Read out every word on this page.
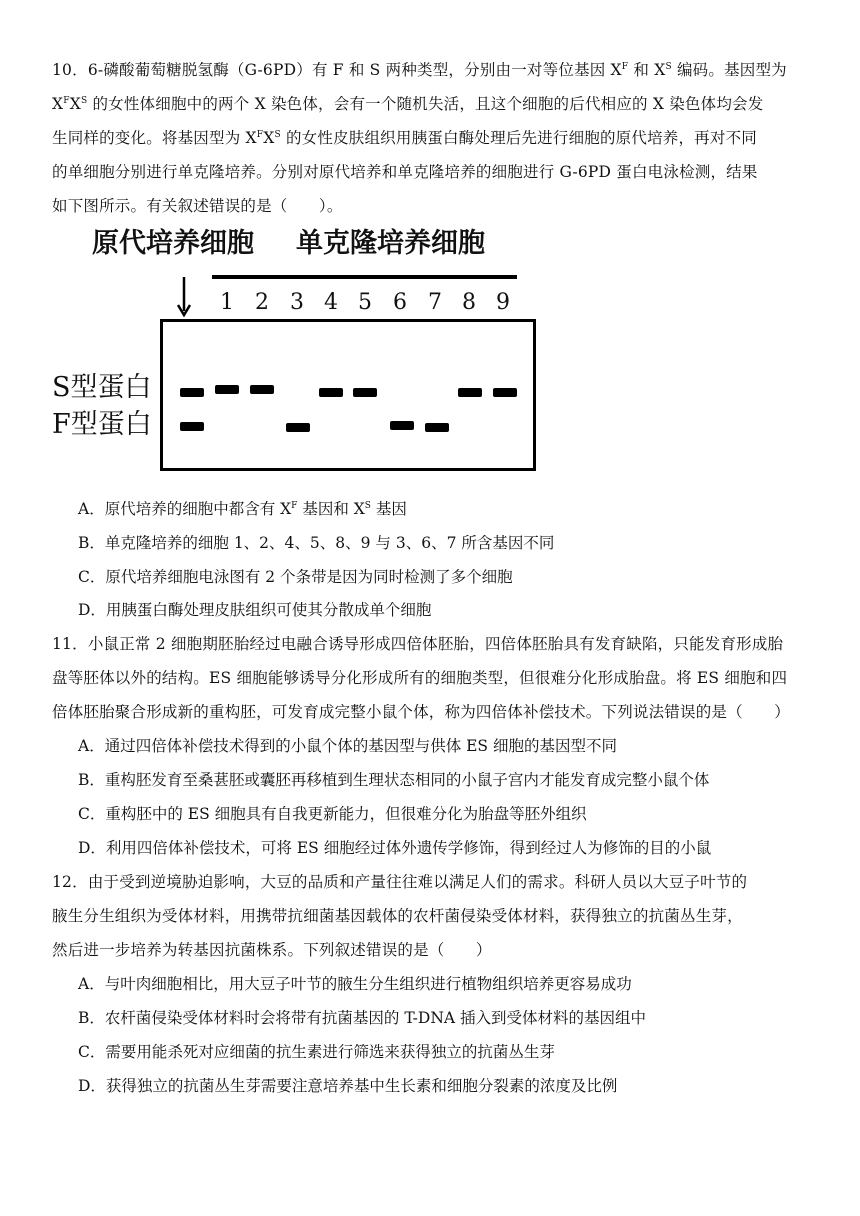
10．6-磷酸葡萄糖脱氢酶（G-6PD）有 F 和 S 两种类型，分别由一对等位基因 $X^F$ 和 $X^S$ 编码。基因型为
$X^FX^S$ 的女性体细胞中的两个 X 染色体，会有一个随机失活，且这个细胞的后代相应的 X 染色体均会发
生同样的变化。将基因型为 $X^FX^S$ 的女性皮肤组织用胰蛋白酶处理后先进行细胞的原代培养，再对不同
的单细胞分别进行单克隆培养。分别对原代培养和单克隆培养的细胞进行 G-6PD 蛋白电泳检测，结果
如下图所示。有关叙述错误的是（　　）。
原代培养细胞 单克隆培养细胞
1 2 3 4 5 6 7 8 9
S型蛋白
F型蛋白
A．原代培养的细胞中都含有 $X^F$ 基因和 $X^S$ 基因
B．单克隆培养的细胞 1、2、4、5、8、9 与 3、6、7 所含基因不同
C．原代培养细胞电泳图有 2 个条带是因为同时检测了多个细胞
D．用胰蛋白酶处理皮肤组织可使其分散成单个细胞
11．小鼠正常 2 细胞期胚胎经过电融合诱导形成四倍体胚胎，四倍体胚胎具有发育缺陷，只能发育形成胎
盘等胚体以外的结构。ES 细胞能够诱导分化形成所有的细胞类型，但很难分化形成胎盘。将 ES 细胞和四
倍体胚胎聚合形成新的重构胚，可发育成完整小鼠个体，称为四倍体补偿技术。下列说法错误的是（　　）
A．通过四倍体补偿技术得到的小鼠个体的基因型与供体 ES 细胞的基因型不同
B．重构胚发育至桑葚胚或囊胚再移植到生理状态相同的小鼠子宫内才能发育成完整小鼠个体
C．重构胚中的 ES 细胞具有自我更新能力，但很难分化为胎盘等胚外组织
D．利用四倍体补偿技术，可将 ES 细胞经过体外遗传学修饰，得到经过人为修饰的目的小鼠
12．由于受到逆境胁迫影响，大豆的品质和产量往往难以满足人们的需求。科研人员以大豆子叶节的
腋生分生组织为受体材料，用携带抗细菌基因载体的农杆菌侵染受体材料，获得独立的抗菌丛生芽，
然后进一步培养为转基因抗菌株系。下列叙述错误的是（　　）
A．与叶肉细胞相比，用大豆子叶节的腋生分生组织进行植物组织培养更容易成功
B．农杆菌侵染受体材料时会将带有抗菌基因的 T-DNA 插入到受体材料的基因组中
C．需要用能杀死对应细菌的抗生素进行筛选来获得独立的抗菌丛生芽
D．获得独立的抗菌丛生芽需要注意培养基中生长素和细胞分裂素的浓度及比例
